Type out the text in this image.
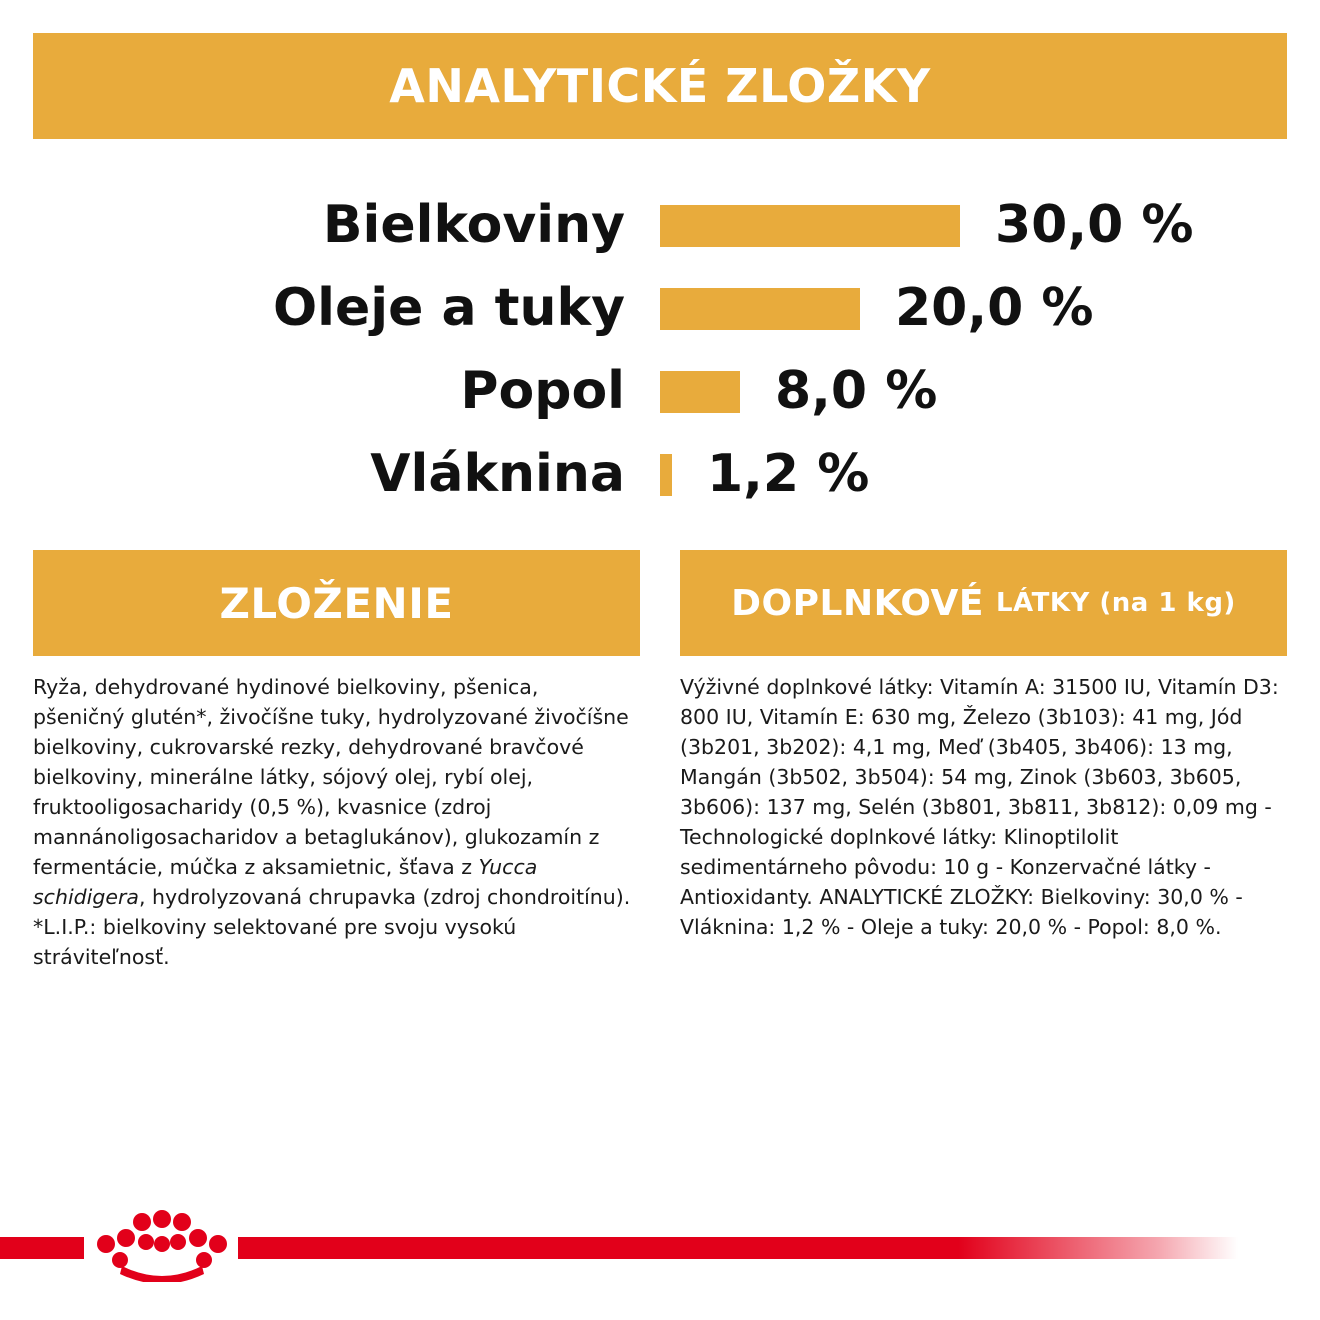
ANALYTICKÉ ZLOŽKY
Bielkoviny	30,0 %
Oleje a tuky	20,0 %
Popol	8,0 %
Vláknina 1,2 %
ZLOŽENIE
Ryža, dehydrované hydinové bielkoviny, pšenica, pšeničný glutén*, živočíšne tuky, hydrolyzované živočíšne bielkoviny, cukrovarské rezky, dehydrované bravčové bielkoviny, minerálne látky, sójový olej, rybí olej, fruktooligosacharidy (0,5 %), kvasnice (zdroj mannánoligosacharidov a betaglukánov), glukozamín z fermentácie, múčka z aksamietnic, šťava z Yucca schidigera, hydrolyzovaná chrupavka (zdroj chondroitínu). *L.I.P.: bielkoviny selektované pre svoju vysokú stráviteľnosť.
DOPLNKOVÉ LÁTKY (na 1 kg)
Výživné doplnkové látky: Vitamín A: 31500 IU, Vitamín D3: 800 IU, Vitamín E: 630 mg, Železo (3b103): 41 mg, Jód (3b201, 3b202): 4,1 mg, Meď (3b405, 3b406): 13 mg, Mangán (3b502, 3b504): 54 mg, Zinok (3b603, 3b605, 3b606): 137 mg, Selén (3b801, 3b811, 3b812): 0,09 mg - Technologické doplnkové látky: Klinoptilolit sedimentárneho pôvodu: 10 g - Konzervačné látky - Antioxidanty. ANALYTICKÉ ZLOŽKY: Bielkoviny: 30,0 % - Vláknina: 1,2 % - Oleje a tuky: 20,0 % - Popol: 8,0 %.
